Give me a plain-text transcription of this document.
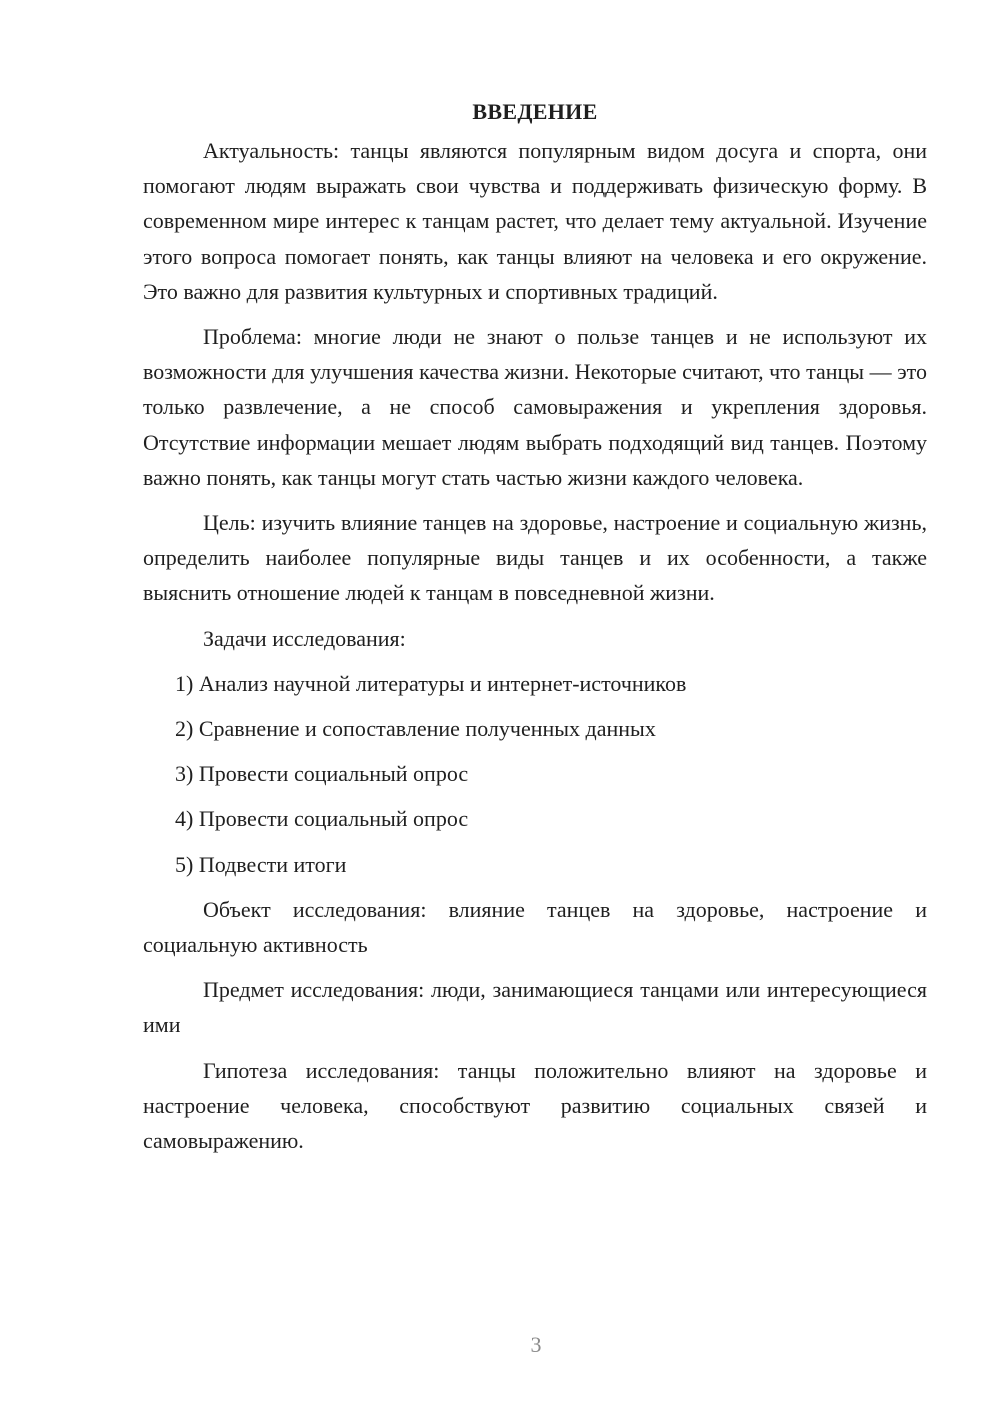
ВВЕДЕНИЕ

Актуальность: танцы являются популярным видом досуга и спорта, они помогают людям выражать свои чувства и поддерживать физическую форму. В современном мире интерес к танцам растет, что делает тему актуальной. Изучение этого вопроса помогает понять, как танцы влияют на человека и его окружение. Это важно для развития культурных и спортивных традиций.

Проблема: многие люди не знают о пользе танцев и не используют их возможности для улучшения качества жизни. Некоторые считают, что танцы — это только развлечение, а не способ самовыражения и укрепления здоровья. Отсутствие информации мешает людям выбрать подходящий вид танцев. Поэтому важно понять, как танцы могут стать частью жизни каждого человека.

Цель: изучить влияние танцев на здоровье, настроение и социальную жизнь, определить наиболее популярные виды танцев и их особенности, а также выяснить отношение людей к танцам в повседневной жизни.

Задачи исследования:

1) Анализ научной литературы и интернет-источников
2) Сравнение и сопоставление полученных данных
3) Провести социальный опрос
4) Провести социальный опрос
5) Подвести итоги

Объект исследования: влияние танцев на здоровье, настроение и социальную активность

Предмет исследования: люди, занимающиеся танцами или интересующиеся ими

Гипотеза исследования: танцы положительно влияют на здоровье и настроение человека, способствуют развитию социальных связей и самовыражению.

3
